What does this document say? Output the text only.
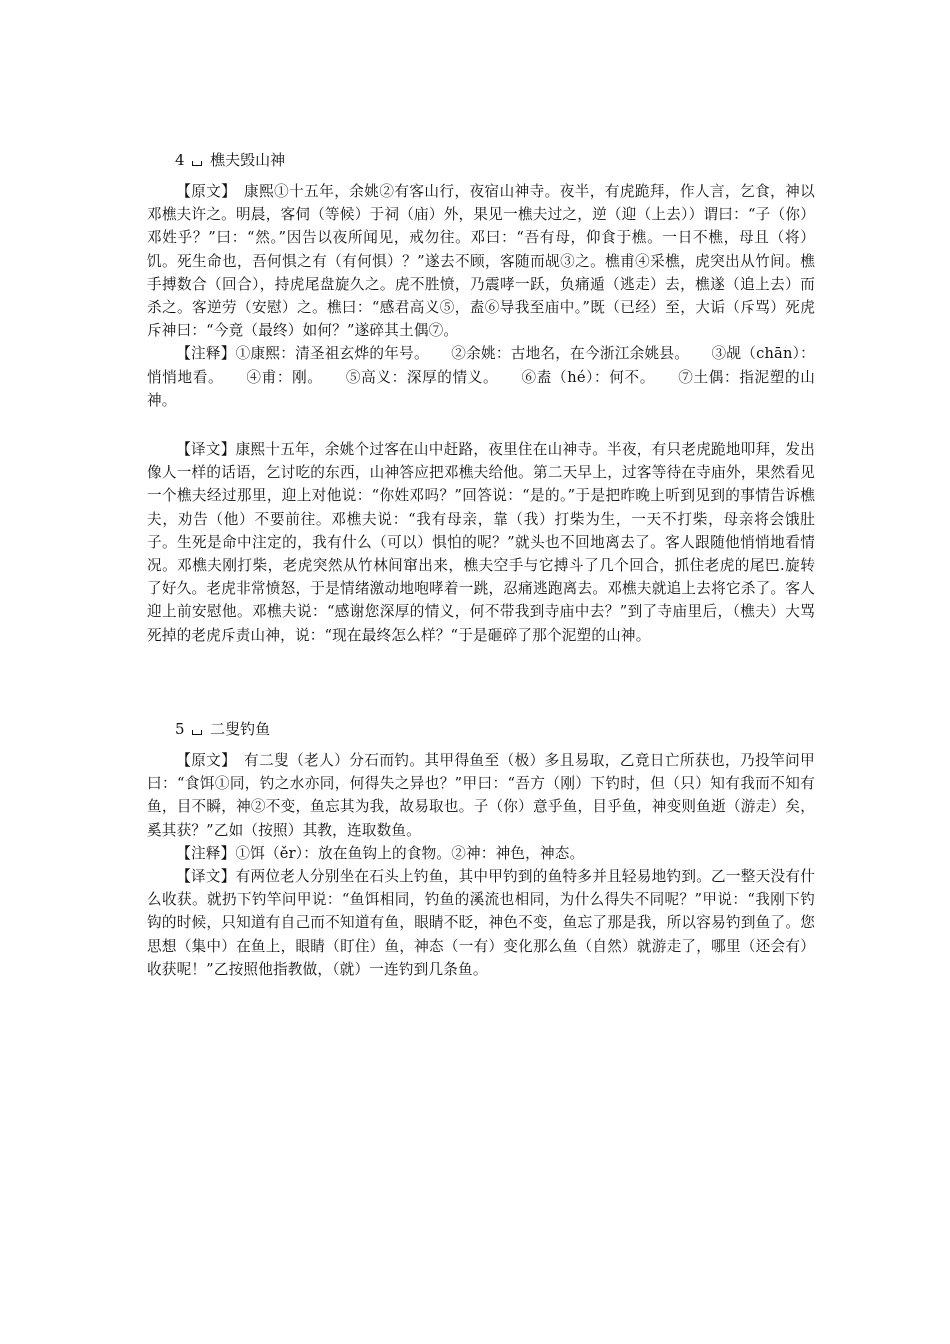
4 樵夫毁山神

【原文】　康熙①十五年，余姚②有客山行，夜宿山神寺。夜半，有虎跪拜，作人言，乞食，神以邓樵夫许之。明晨，客伺（等候）于祠（庙）外，果见一樵夫过之，逆（迎（上去））谓曰：“子（你）邓姓乎？”曰：“然。”因告以夜所闻见，戒勿往。邓曰：“吾有母，仰食于樵。一日不樵，母且（将）饥。死生命也，吾何惧之有（有何惧）？”遂去不顾，客随而觇③之。樵甫④采樵，虎突出从竹间。樵手搏数合（回合），持虎尾盘旋久之。虎不胜愤，乃震哮一跃，负痛遁（逃走）去，樵遂（追上去）而杀之。客逆劳（安慰）之。樵曰：“感君高义⑤，盍⑥导我至庙中。”既（已经）至，大诟（斥骂）死虎斥神曰：“今竟（最终）如何？”遂碎其土偶⑦。

【注释】①康熙：清圣祖玄烨的年号。　　②余姚：古地名，在今浙江余姚县。　　③觇（chān）：悄悄地看。　　④甫：刚。　　⑤高义：深厚的情义。　　⑥盍（hé）：何不。　　⑦土偶：指泥塑的山神。

【译文】康熙十五年，余姚个过客在山中赶路，夜里住在山神寺。半夜，有只老虎跪地叩拜，发出像人一样的话语，乞讨吃的东西，山神答应把邓樵夫给他。第二天早上，过客等待在寺庙外，果然看见一个樵夫经过那里，迎上对他说：“你姓邓吗？”回答说：“是的。”于是把昨晚上听到见到的事情告诉樵夫，劝告（他）不要前往。邓樵夫说：“我有母亲，靠（我）打柴为生，一天不打柴，母亲将会饿肚子。生死是命中注定的，我有什么（可以）惧怕的呢？”就头也不回地离去了。客人跟随他悄悄地看情况。邓樵夫刚打柴，老虎突然从竹林间窜出来，樵夫空手与它搏斗了几个回合，抓住老虎的尾巴.旋转了好久。老虎非常愤怒，于是情绪激动地咆哮着一跳，忍痛逃跑离去。邓樵夫就追上去将它杀了。客人迎上前安慰他。邓樵夫说：“感谢您深厚的情义，何不带我到寺庙中去？”到了寺庙里后，（樵夫）大骂死掉的老虎斥责山神，说：“现在最终怎么样？“于是砸碎了那个泥塑的山神。

5 二叟钓鱼

【原文】　有二叟（老人）分石而钓。其甲得鱼至（极）多且易取，乙竟日亡所获也，乃投竿问甲曰：“食饵①同，钓之水亦同，何得失之异也？”甲曰：“吾方（刚）下钓时，但（只）知有我而不知有鱼，目不瞬，神②不变，鱼忘其为我，故易取也。子（你）意乎鱼，目乎鱼，神变则鱼逝（游走）矣，奚其获？”乙如（按照）其教，连取数鱼。

【注释】①饵（ěr）：放在鱼钩上的食物。②神：神色，神态。

【译文】有两位老人分别坐在石头上钓鱼，其中甲钓到的鱼特多并且轻易地钓到。乙一整天没有什么收获。就扔下钓竿问甲说：“鱼饵相同，钓鱼的溪流也相同，为什么得失不同呢？”甲说：“我刚下钓钩的时候，只知道有自己而不知道有鱼，眼睛不眨，神色不变，鱼忘了那是我，所以容易钓到鱼了。您思想（集中）在鱼上，眼睛（盯住）鱼，神态（一有）变化那么鱼（自然）就游走了，哪里（还会有）收获呢！”乙按照他指教做，（就）一连钓到几条鱼。
